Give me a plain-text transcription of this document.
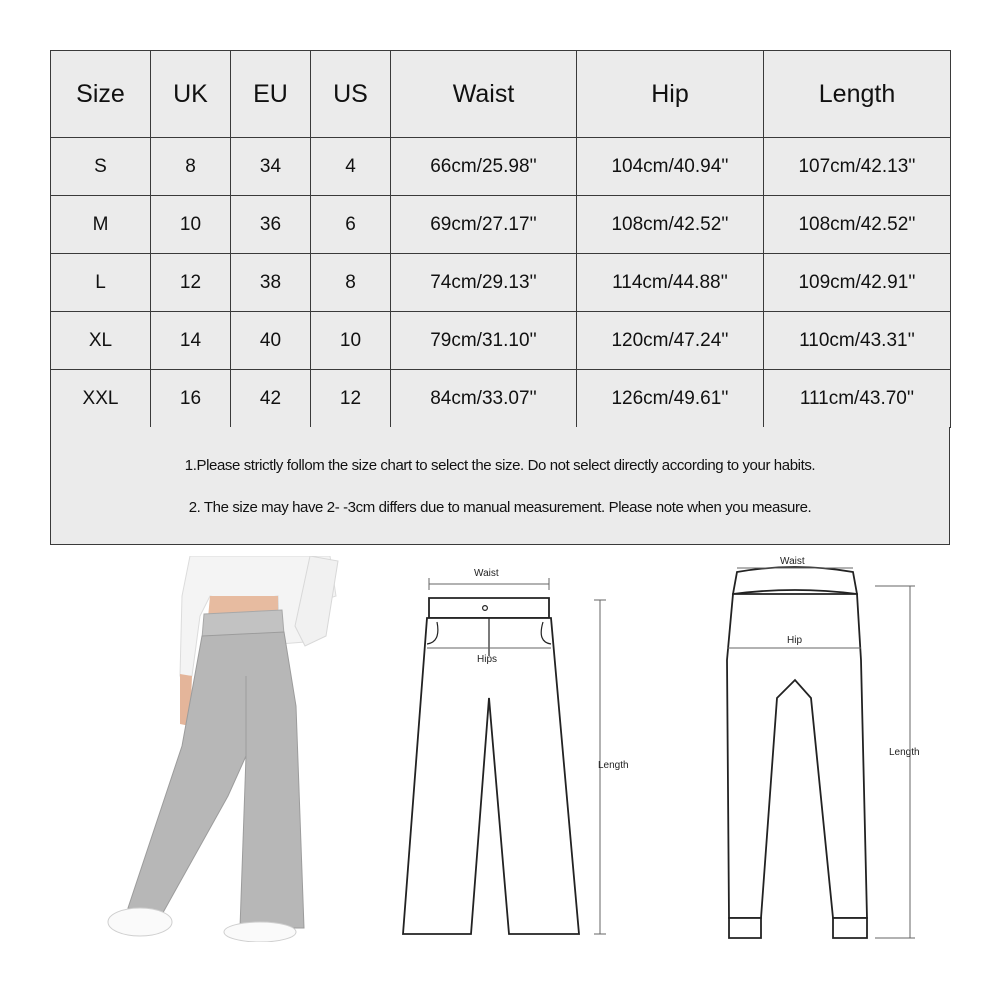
Size	UK	EU	US	Waist	Hip	Length
S	8	34	4	66cm/25.98''	104cm/40.94''	107cm/42.13''
M	10	36	6	69cm/27.17''	108cm/42.52''	108cm/42.52''
L	12	38	8	74cm/29.13''	114cm/44.88''	109cm/42.91''
XL	14	40	10	79cm/31.10''	120cm/47.24''	110cm/43.31''
XXL	16	42	12	84cm/33.07''	126cm/49.61''	111cm/43.70''

1.Please strictly follom the size chart to select the size. Do not select directly according to your habits.

2. The size may have 2- -3cm differs due to manual measurement. Please note when you measure.

Waist
Hips
Length
Waist
Hip
Length
